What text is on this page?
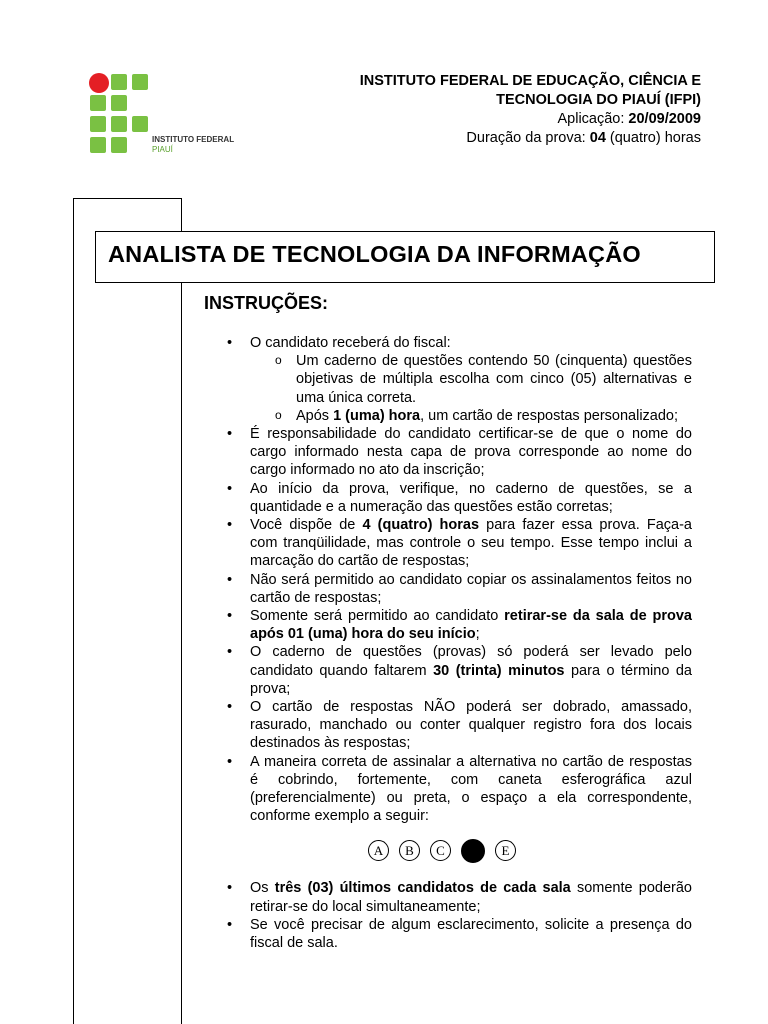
INSTITUTO FEDERAL
PIAUÍ
INSTITUTO FEDERAL DE EDUCAÇÃO, CIÊNCIA E
TECNOLOGIA DO PIAUÍ (IFPI)
Aplicação: 20/09/2009
Duração da prova: 04 (quatro) horas
INSTRUÇÕES:
• O candidato receberá do fiscal:
o Um caderno de questões contendo 50 (cinquenta) questões objetivas de múltipla escolha com cinco (05) alternativas e uma única correta.
o Após 1 (uma) hora, um cartão de respostas personalizado;
• É responsabilidade do candidato certificar-se de que o nome do cargo informado nesta capa de prova corresponde ao nome do cargo informado no ato da inscrição;
• Ao início da prova, verifique, no caderno de questões, se a quantidade e a numeração das questões estão corretas;
• Você dispõe de 4 (quatro) horas para fazer essa prova. Faça-a com tranqüilidade, mas controle o seu tempo. Esse tempo inclui a marcação do cartão de respostas;
• Não será permitido ao candidato copiar os assinalamentos feitos no cartão de respostas;
• Somente será permitido ao candidato retirar-se da sala de prova após 01 (uma) hora do seu início;
• O caderno de questões (provas) só poderá ser levado pelo candidato quando faltarem 30 (trinta) minutos para o término da prova;
• O cartão de respostas NÃO poderá ser dobrado, amassado, rasurado, manchado ou conter qualquer registro fora dos locais destinados às respostas;
• A maneira correta de assinalar a alternativa no cartão de respostas é cobrindo, fortemente, com caneta esferográfica azul (preferencialmente) ou preta, o espaço a ela correspondente, conforme exemplo a seguir:
A	B	C	E
• Os três (03) últimos candidatos de cada sala somente poderão retirar-se do local simultaneamente;
• Se você precisar de algum esclarecimento, solicite a presença do fiscal de sala.
ANALISTA DE TECNOLOGIA DA INFORMAÇÃO
